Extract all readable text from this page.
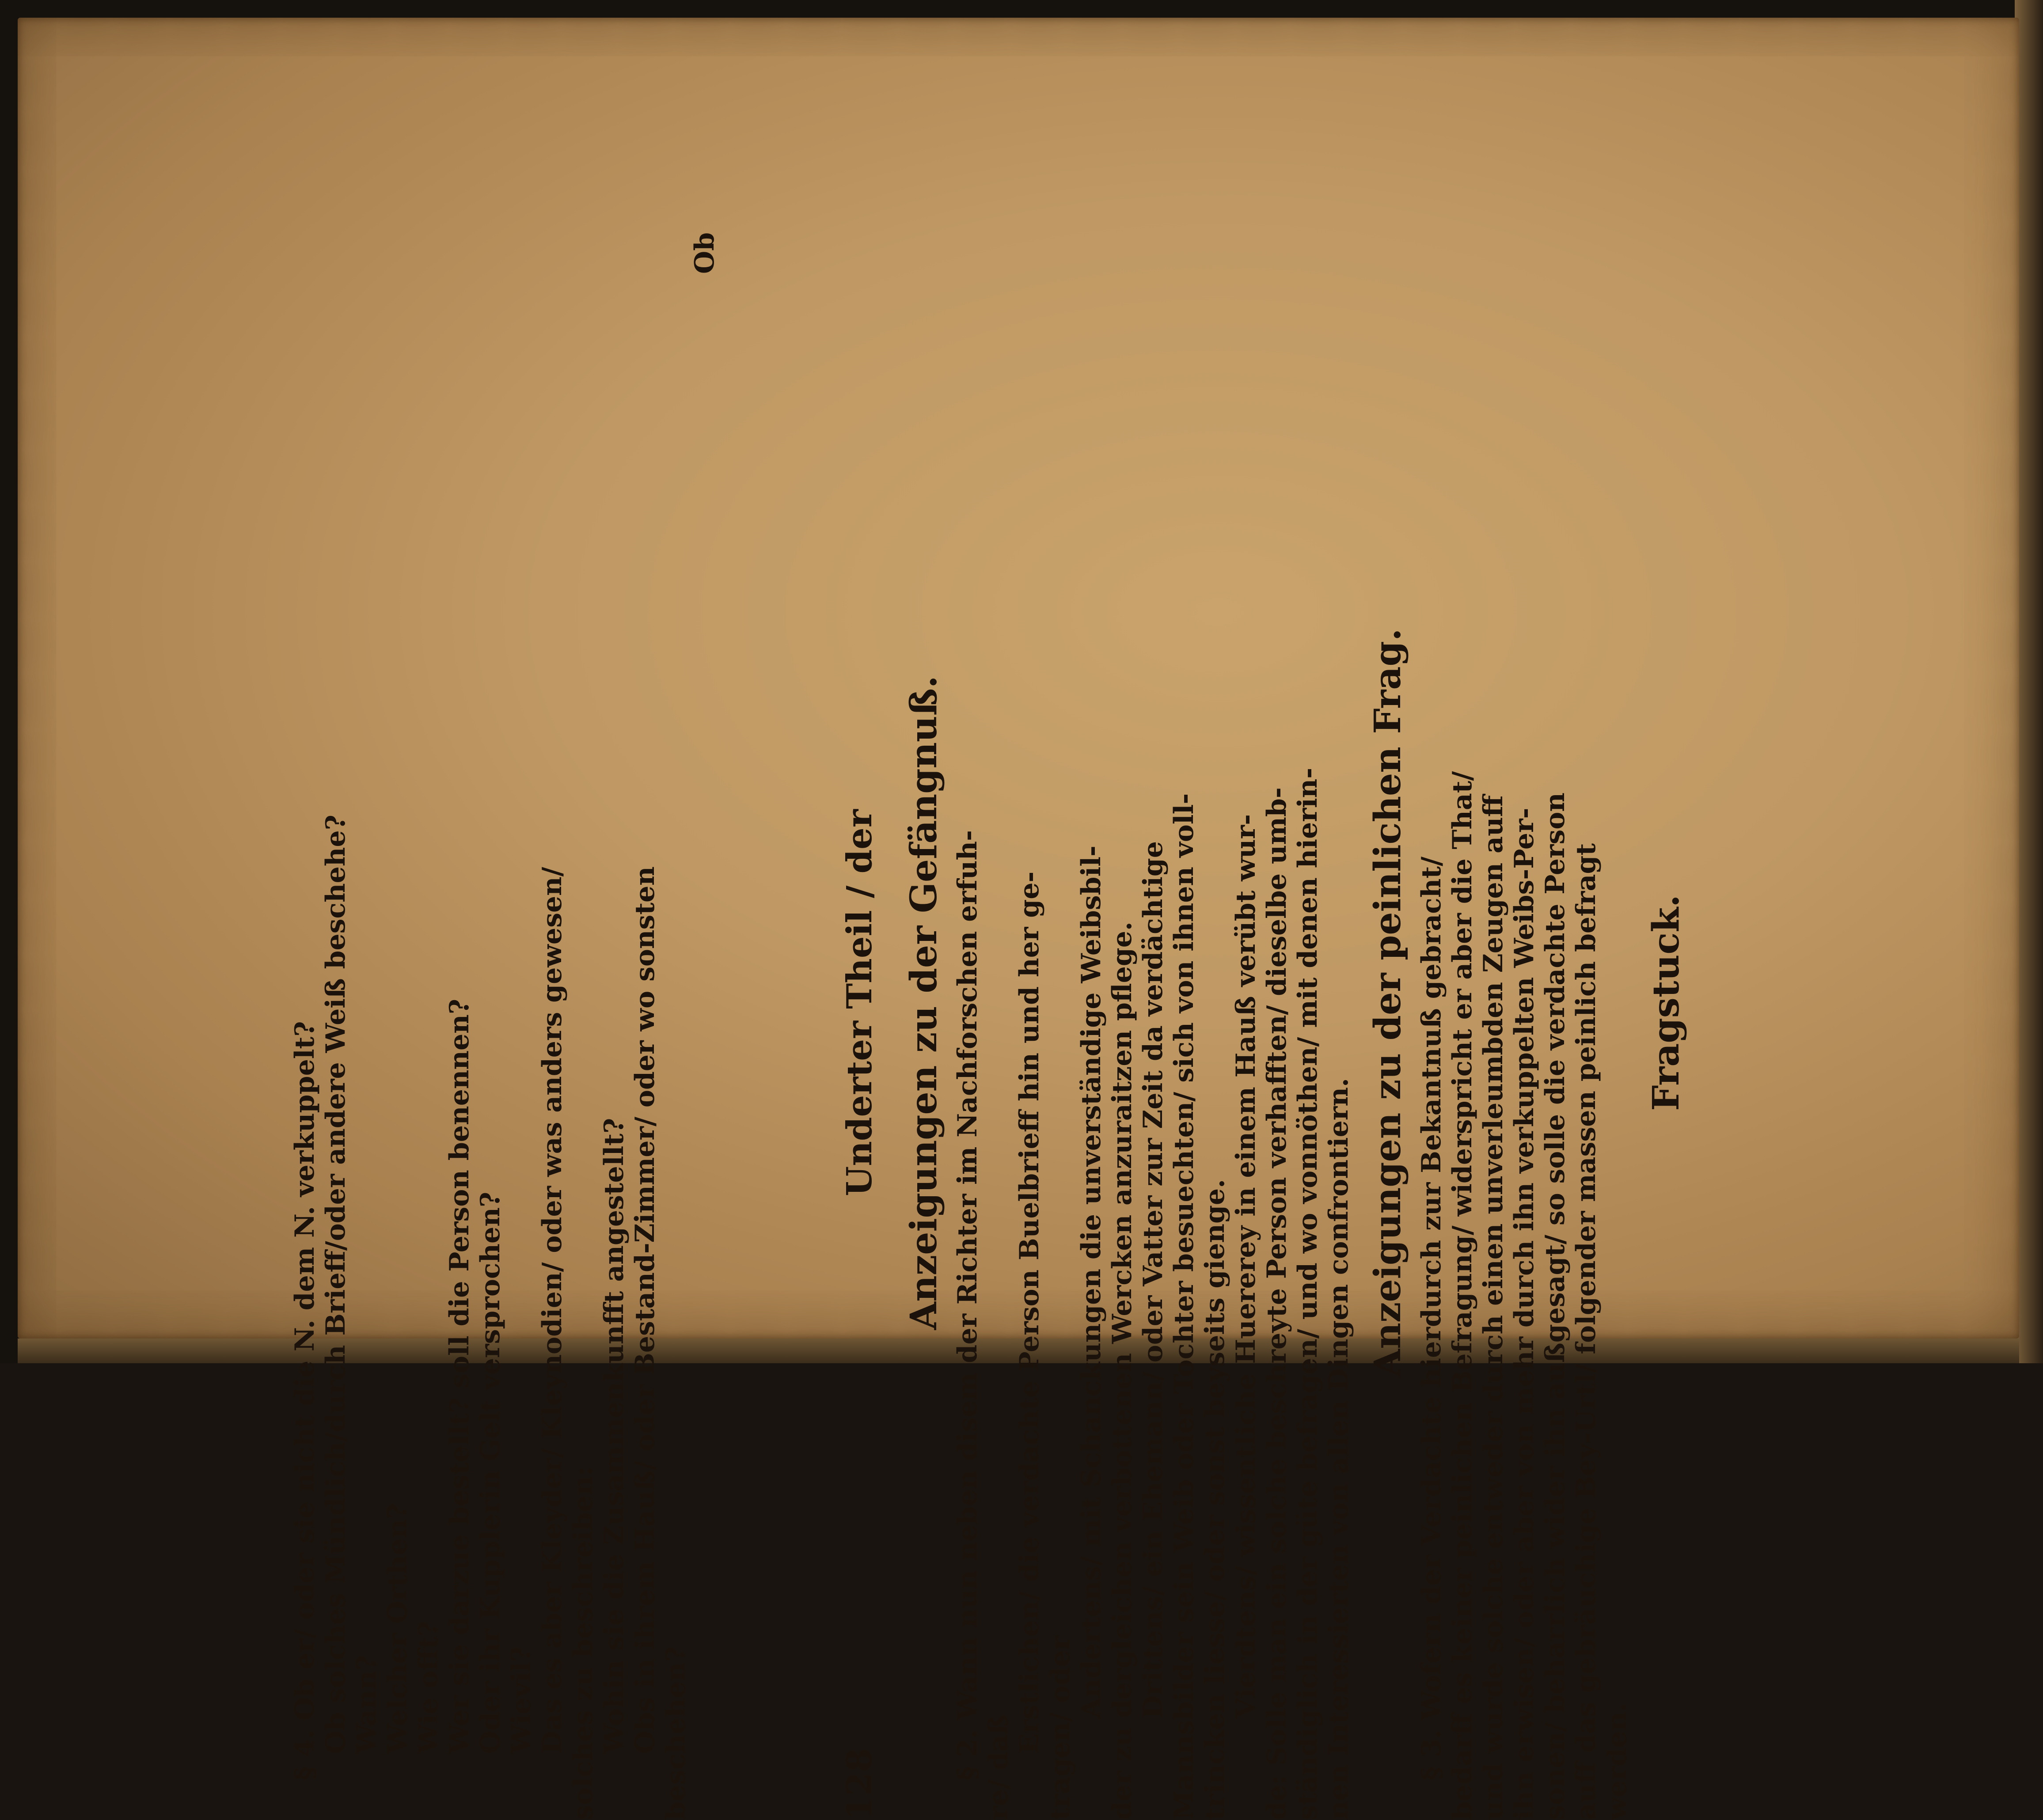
128
Underter Theil / der Anzeigungen zu der Gefängnuß. § 2. Wann nun neben disem der Richter im Nachforschen erfuh- re/ daß
Erstlichen/ die verdachte Person Buelbrieff hin und her ge- tragen/ oder
Andertens/ mit Schanckungen die unverständige Weibsbil- der zu dergleichen verbottenen Wercken anzuraitzen pflege. Drittens/ ein Ehemann/ oder Vatter zur Zeit da verdächtige Mannsbilder sein Weib oder Tochter besuechten/ sich von ihnen voll- trincken liesse/ oder sonst beyseits gienge. Vierdtens/ wissentliche Huererey in einem Hauß verübt wur- de: Solle man ein solche beschreyte Person verhafften/ dieselbe umb- ständiglich in der güte befragen/ und wo vonnöthen/ mit denen hierin- nen Interessierten von allen Dingen confrontiern.
Anzeigungen zu der peinlichen Frag. § 3. Wofern der Verdachte hierdurch zur Bekantnuß gebracht/ bedarff es keiner peinlichen Befragung/ widerspricht er aber die That/ und wurde solche entweder durch einen unverleumbden Zeugen auff ihn erwisen/ oder aber von mehr durch ihn verkuppelten Weibs-Per- sonen/ beharrlich wider ihn außgesagt/ so solle die verdachte Person auff das gebräuchige Bey-Urtl/ folgender massen peinlich befragt werden.
Fragstuck.
§ 4. Ob er/ oder sie nicht die N. dem N. verkuppelt? Ob solches Mündlich/durch Brieff/oder andere Weiß beschehe? Wann? Welcher Orthen? Wie offt? Wer sie darzue bestellt? soll die Person benennen? Oder ihr Kupplerin Gelt versprochen? Wievil? Das es aber Kleyder/ Kleynodien/ oder was anders gewesen/ solches zu beschreiben: Wohin sie die Zusammenkunfft angestellt? Obs in ihrem Hauß/ oder Bestand-Zimmer/ oder wo sonsten beschehen?
Ob
